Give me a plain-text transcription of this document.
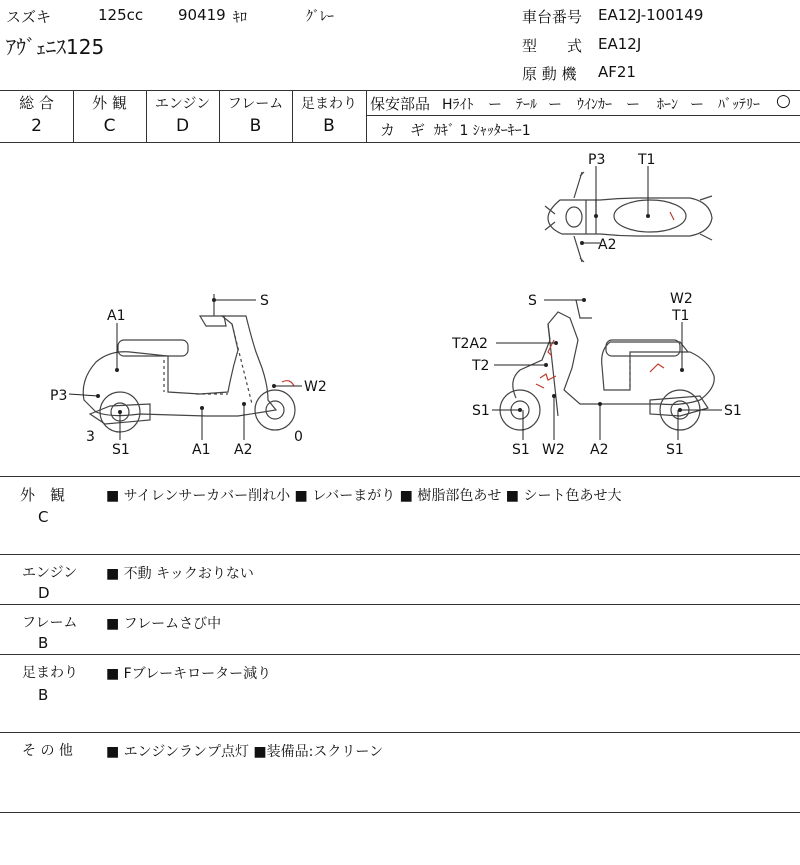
スズキ	125cc 90419 ｷﾛ	ｸﾞﾚｰ
ｱｳﾞｪﾆｽ125
車台番号 EA12J-100149
型　　式 EA12J
原 動 機 AF21
総 合	外 観	エンジン	フレーム	足まわり
2	C	D	B	B
保安部品 Hﾗｲﾄ ー ﾃｰﾙ ー ｳｲﾝｶｰ ー ﾎｰﾝ ー ﾊﾞｯﾃﾘｰ ○
カ　ギ ｶｷﾞ 1 ｼｬｯﾀｰｷｰ1
P3 T1
A2
S
A1
P3
W2
3
S1	A1 A2
0
S	W2
T1
T2A2
T2
S1	S1
S1 W2 A2	S1
外　観
C
■ サイレンサーカバー削れ小 ■ レバーまがり ■ 樹脂部色あせ ■ シート色あせ大
エンジン
D
■ 不動 キックおりない
フレーム
B
■ フレームさび中
足まわり
B
■ Fブレーキローター減り
そ の 他 ■ エンジンランプ点灯 ■装備品:スクリーン
